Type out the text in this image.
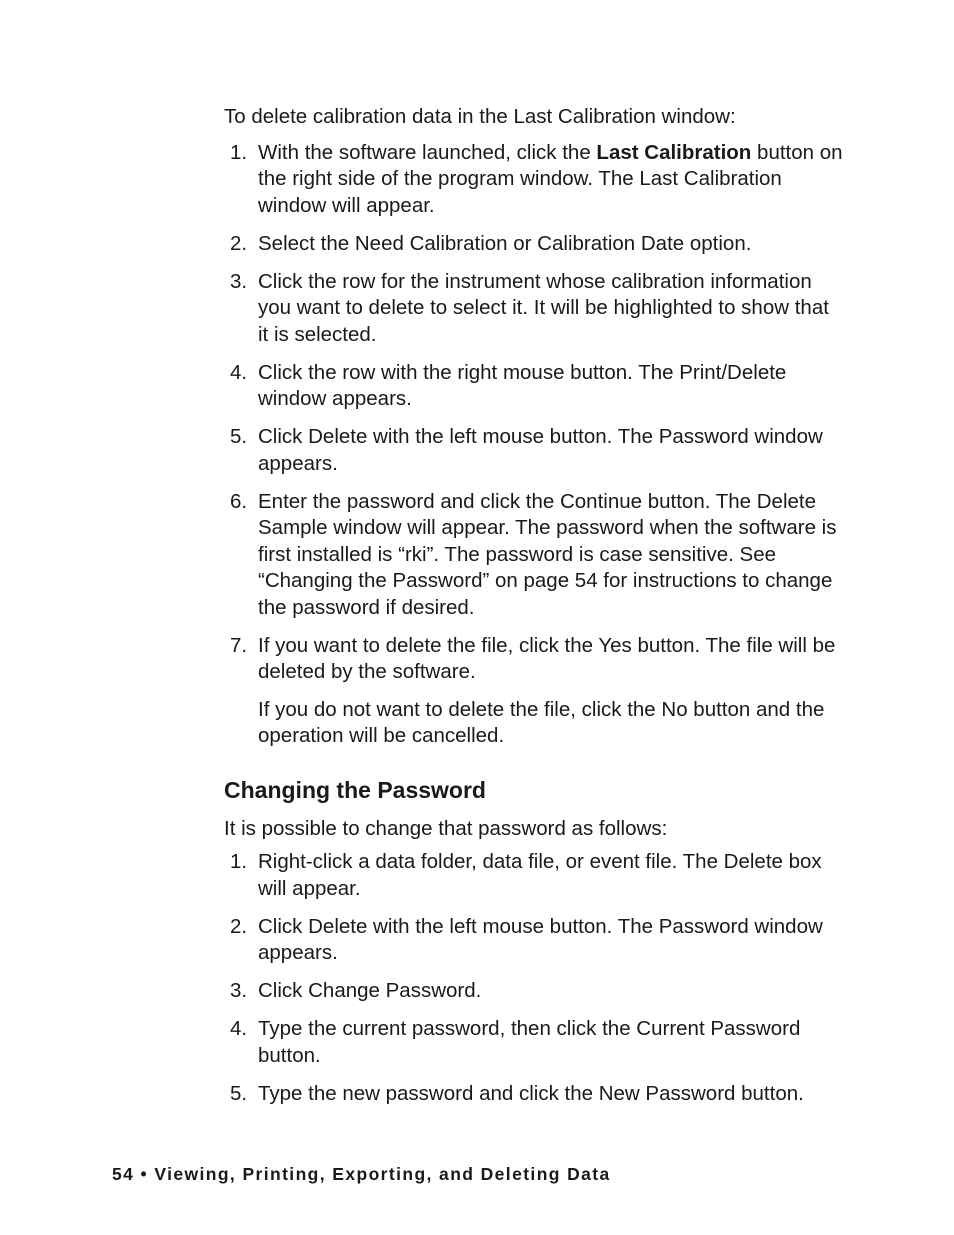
To delete calibration data in the Last Calibration window:

1. With the software launched, click the Last Calibration button on the right side of the program window. The Last Calibration window will appear.
2. Select the Need Calibration or Calibration Date option.
3. Click the row for the instrument whose calibration information you want to delete to select it. It will be highlighted to show that it is selected.
4. Click the row with the right mouse button. The Print/Delete window appears.
5. Click Delete with the left mouse button. The Password window appears.
6. Enter the password and click the Continue button. The Delete Sample window will appear. The password when the software is first installed is “rki”. The password is case sensitive. See “Changing the Password” on page 54 for instructions to change the password if desired.
7. If you want to delete the file, click the Yes button. The file will be deleted by the software.
If you do not want to delete the file, click the No button and the operation will be cancelled.
Changing the Password

It is possible to change that password as follows:

1. Right-click a data folder, data file, or event file. The Delete box will appear.
2. Click Delete with the left mouse button. The Password window appears.
3. Click Change Password.
4. Type the current password, then click the Current Password button.
5. Type the new password and click the New Password button.
54 • Viewing, Printing, Exporting, and Deleting Data
